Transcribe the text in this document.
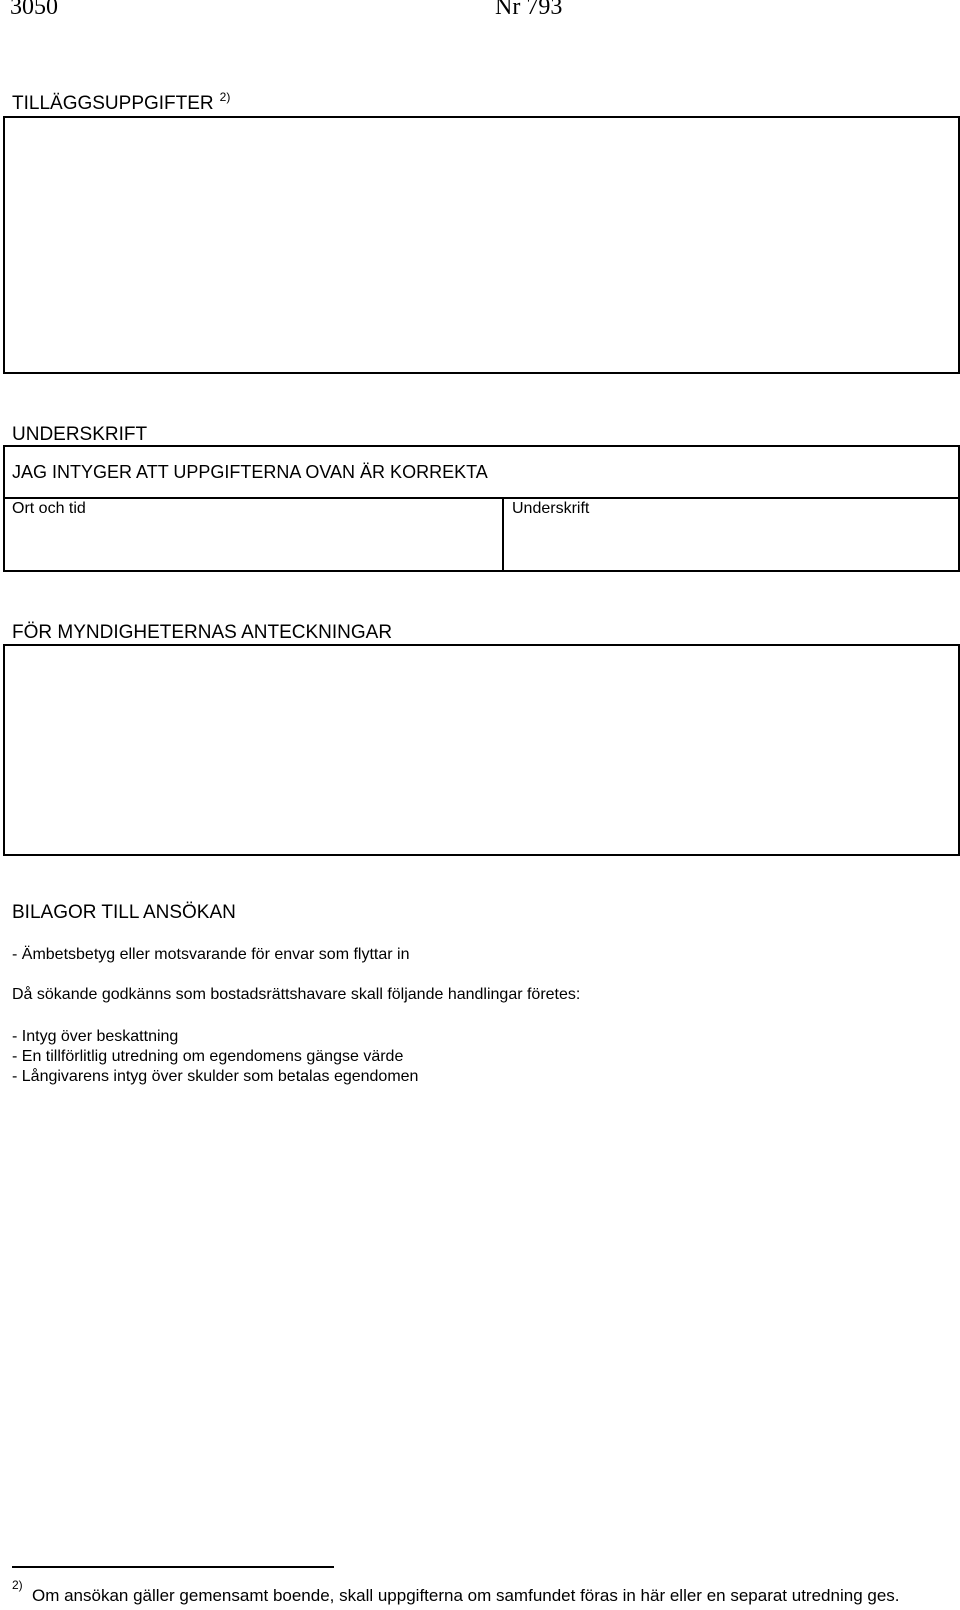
3050	Nr 793
TILLÄGGSUPPGIFTER $^{2)}$
UNDERSKRIFT
JAG INTYGER ATT UPPGIFTERNA OVAN ÄR KORREKTA
Ort och tid	Underskrift
FÖR MYNDIGHETERNAS ANTECKNINGAR
BILAGOR TILL ANSÖKAN
- Ämbetsbetyg eller motsvarande för envar som flyttar in
Då sökande godkänns som bostadsrättshavare skall följande handlingar företes:
- Intyg över beskattning
- En tillförlitlig utredning om egendomens gängse värde
- Långivarens intyg över skulder som betalas egendomen
2)
Om ansökan gäller gemensamt boende, skall uppgifterna om samfundet föras in här eller en separat utredning ges.
